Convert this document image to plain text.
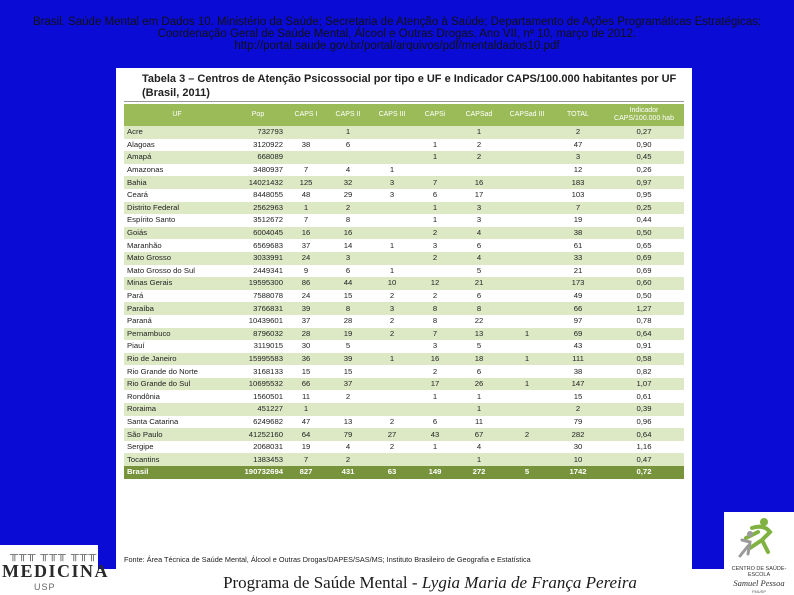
Brasil. Saúde Mental em Dados 10. Ministério da Saúde; Secretaria de Atenção à Saúde; Departamento de Ações Programáticas Estratégicas; Coordenação Geral de Saúde Mental, Álcool e Outras Drogas. Ano VII, nº 10, março de 2012. http://portal.saude.gov.br/portal/arquivos/pdf/mentaldados10.pdf
Tabela 3 – Centros de Atenção Psicossocial por tipo e UF e Indicador CAPS/100.000 habitantes por UF
(Brasil, 2011)
UF	Pop	CAPS I	CAPS II	CAPS III	CAPSi	CAPSad	CAPSad III	TOTAL	Indicador CAPS/100.000 hab
Acre	732793		1			1		2	0,27
Alagoas	3120922	38	6		1	2		47	0,90
Amapá	668089				1	2		3	0,45
Amazonas	3480937	7	4	1				12	0,26
Bahia	14021432	125	32	3	7	16		183	0,97
Ceará	8448055	48	29	3	6	17		103	0,95
Distrito Federal	2562963	1	2		1	3		7	0,25
Espírito Santo	3512672	7	8		1	3		19	0,44
Goiás	6004045	16	16		2	4		38	0,50
Maranhão	6569683	37	14	1	3	6		61	0,65
Mato Grosso	3033991	24	3		2	4		33	0,69
Mato Grosso do Sul	2449341	9	6	1		5		21	0,69
Minas Gerais	19595300	86	44	10	12	21		173	0,60
Pará	7588078	24	15	2	2	6		49	0,50
Paraíba	3766831	39	8	3	8	8		66	1,27
Paraná	10439601	37	28	2	8	22		97	0,78
Pernambuco	8796032	28	19	2	7	13	1	69	0,64
Piauí	3119015	30	5		3	5		43	0,91
Rio de Janeiro	15995583	36	39	1	16	18	1	111	0,58
Rio Grande do Norte	3168133	15	15		2	6		38	0,82
Rio Grande do Sul	10695532	66	37		17	26	1	147	1,07
Rondônia	1560501	11	2		1	1		15	0,61
Roraima	451227	1				1		2	0,39
Santa Catarina	6249682	47	13	2	6	11		79	0,96
São Paulo	41252160	64	79	27	43	67	2	282	0,64
Sergipe	2068031	19	4	2	1	4		30	1,16
Tocantins	1383453	7	2			1		10	0,47
Brasil	190732694	827	431	63	149	272	5	1742	0,72
Fonte: Área Técnica de Saúde Mental, Álcool e Outras Drogas/DAPES/SAS/MS; Instituto Brasileiro de Geografia e Estatística
Programa de Saúde Mental - Lygia Maria de França Pereira
╥╥╥ ╥╥╥ ╥╥╥
MEDICINA
USP
CENTRO DE SAÚDE-ESCOLA
Samuel Pessoa
FMUSP
